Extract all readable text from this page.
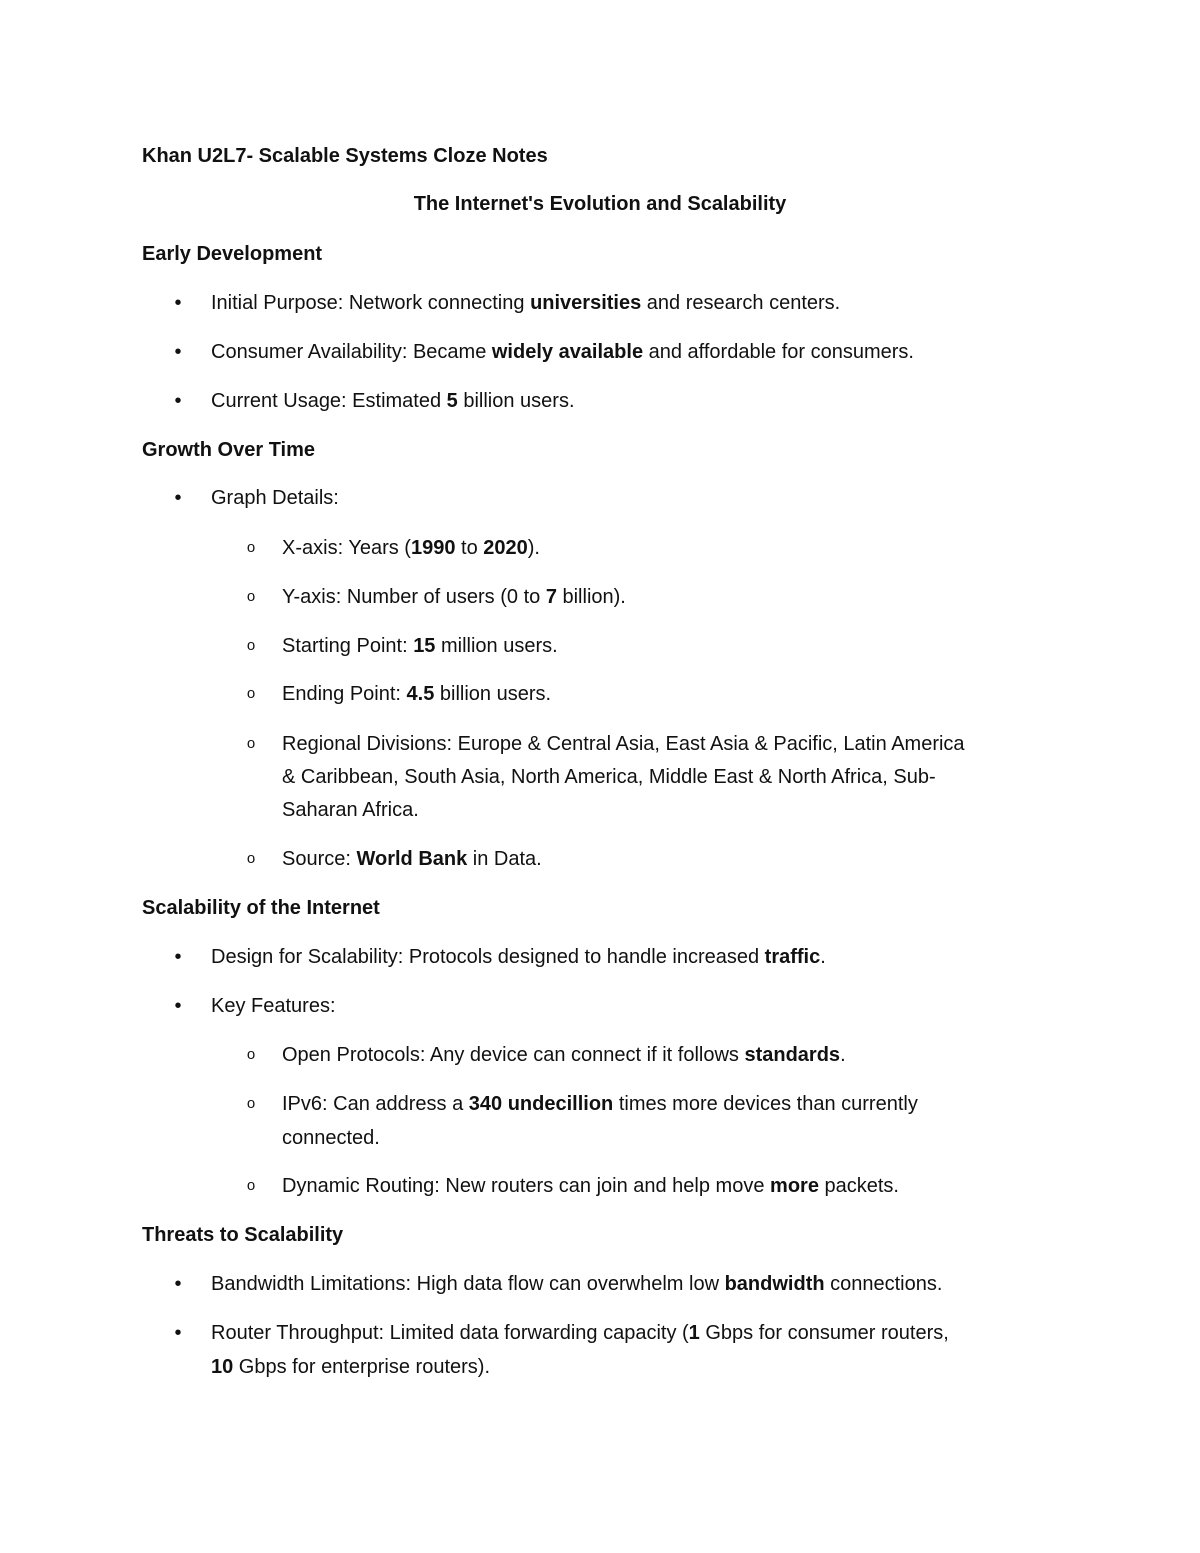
Khan U2L7- Scalable Systems Cloze Notes
The Internet's Evolution and Scalability
Early Development
•	Initial Purpose: Network connecting universities and research centers.
•	Consumer Availability: Became widely available and affordable for consumers.
•	Current Usage: Estimated 5 billion users.
Growth Over Time
•	Graph Details:
o X-axis: Years (1990 to 2020).
o Y-axis: Number of users (0 to 7 billion).
o Starting Point: 15 million users.
o Ending Point: 4.5 billion users.
o Regional Divisions: Europe & Central Asia, East Asia & Pacific, Latin America
& Caribbean, South Asia, North America, Middle East & North Africa, Sub-
Saharan Africa.
o Source: World Bank in Data.
Scalability of the Internet
•	Design for Scalability: Protocols designed to handle increased traffic.
•	Key Features:
o Open Protocols: Any device can connect if it follows standards.
o IPv6: Can address a 340 undecillion times more devices than currently
connected.
o Dynamic Routing: New routers can join and help move more packets.
Threats to Scalability
•	Bandwidth Limitations: High data flow can overwhelm low bandwidth connections.
•	Router Throughput: Limited data forwarding capacity (1 Gbps for consumer routers,
10 Gbps for enterprise routers).
